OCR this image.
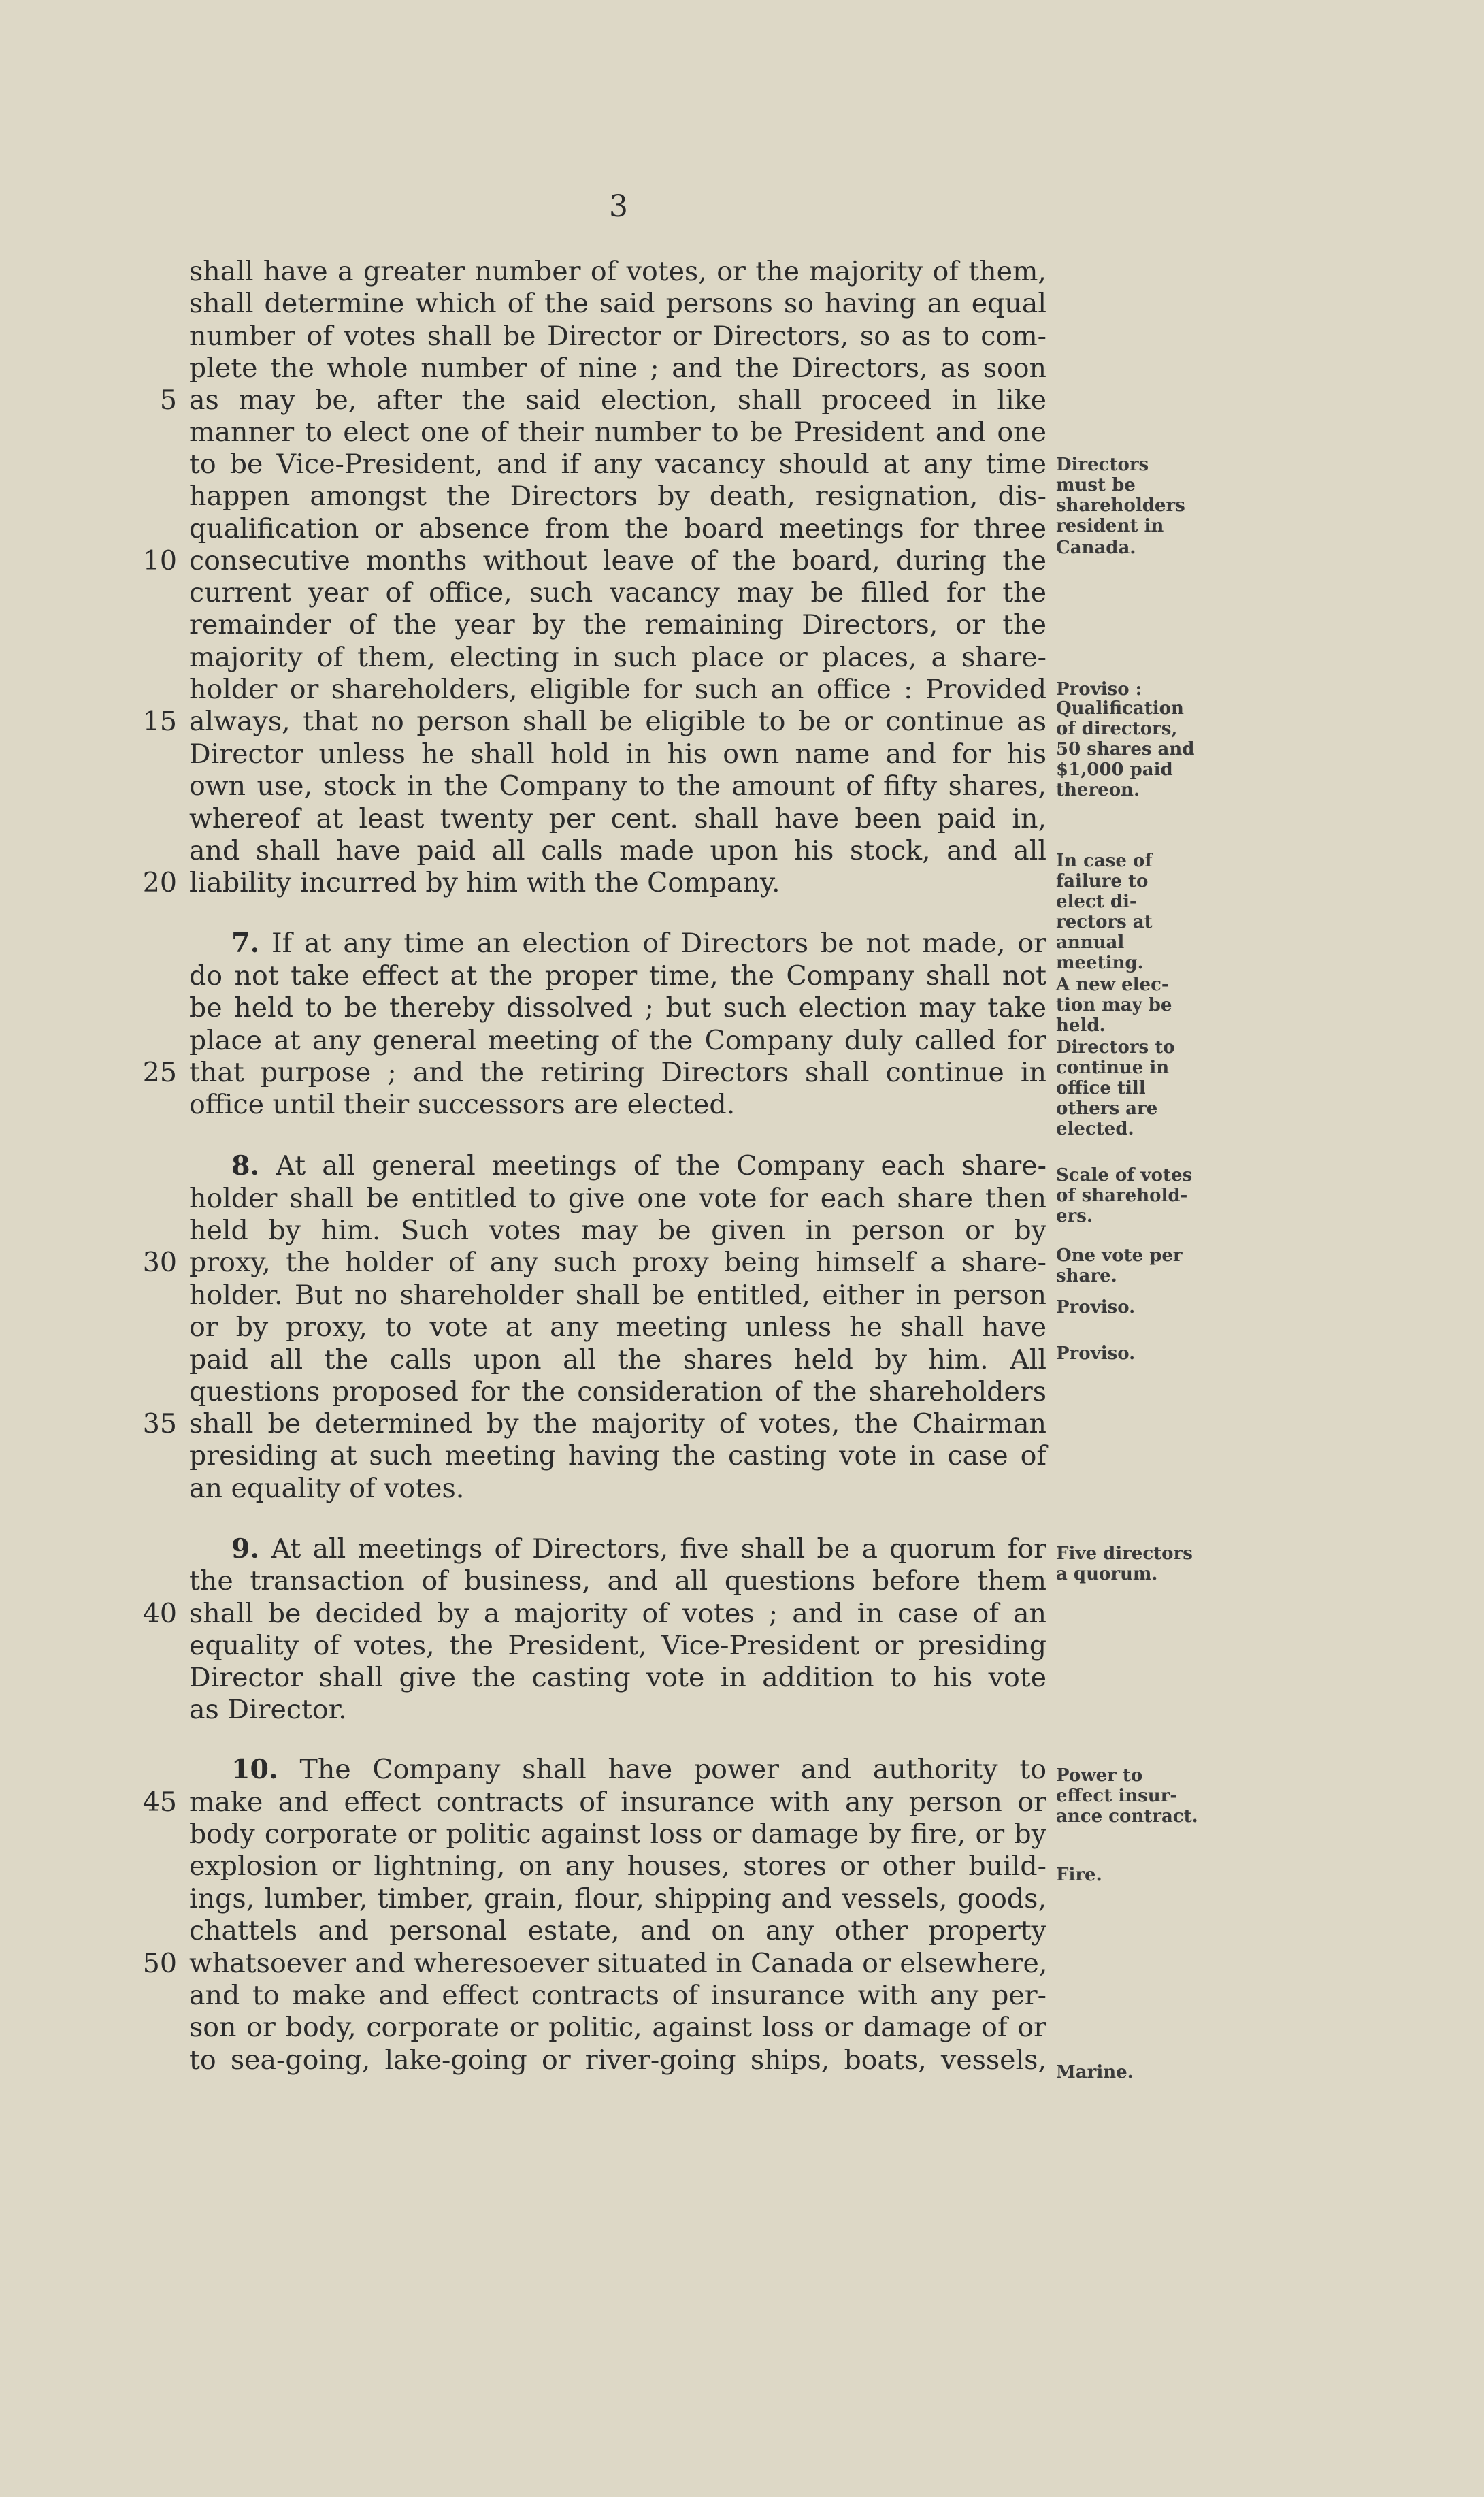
3
shall have a greater number of votes, or the majority of them,
shall determine which of the said persons so having an equal
number of votes shall be Director or Directors, so as to com-
plete the whole number of nine ; and the Directors, as soon
as may be, after the said election, shall proceed in like
5
manner to elect one of their number to be President and one
to be Vice-President, and if any vacancy should at any time
happen amongst the Directors by death, resignation, dis-
qualification or absence from the board meetings for three
consecutive months without leave of the board, during the
10
current year of office, such vacancy may be filled for the
remainder of the year by the remaining Directors, or the
majority of them, electing in such place or places, a share-
holder or shareholders, eligible for such an office : Provided
always, that no person shall be eligible to be or continue as
15
Director unless he shall hold in his own name and for his
own use, stock in the Company to the amount of fifty shares,
whereof at least twenty per cent. shall have been paid in,
and shall have paid all calls made upon his stock, and all
liability incurred by him with the Company.
20
7. If at any time an election of Directors be not made, or
do not take effect at the proper time, the Company shall not
be held to be thereby dissolved ; but such election may take
place at any general meeting of the Company duly called for
that purpose ; and the retiring Directors shall continue in
25
office until their successors are elected.
8. At all general meetings of the Company each share-
holder shall be entitled to give one vote for each share then
held by him. Such votes may be given in person or by
proxy, the holder of any such proxy being himself a share-
30
holder. But no shareholder shall be entitled, either in person
or by proxy, to vote at any meeting unless he shall have
paid all the calls upon all the shares held by him. All
questions proposed for the consideration of the shareholders
shall be determined by the majority of votes, the Chairman
35
presiding at such meeting having the casting vote in case of
an equality of votes.
9. At all meetings of Directors, five shall be a quorum for
the transaction of business, and all questions before them
shall be decided by a majority of votes ; and in case of an
40
equality of votes, the President, Vice-President or presiding
Director shall give the casting vote in addition to his vote
as Director.
10. The Company shall have power and authority to
make and effect contracts of insurance with any person or
45
body corporate or politic against loss or damage by fire, or by
explosion or lightning, on any houses, stores or other build-
ings, lumber, timber, grain, flour, shipping and vessels, goods,
chattels and personal estate, and on any other property
whatsoever and wheresoever situated in Canada or elsewhere,
50
and to make and effect contracts of insurance with any per-
son or body, corporate or politic, against loss or damage of or
to sea-going, lake-going or river-going ships, boats, vessels,
Directors
must be
shareholders
resident in
Canada.
Proviso :
Qualification
of directors,
50 shares and
$1,000 paid
thereon.
In case of
failure to
elect di-
rectors at
annual
meeting.
A new elec-
tion may be
held.
Directors to
continue in
office till
others are
elected.
Scale of votes
of sharehold-
ers.
One vote per
share.
Proviso.
Proviso.
Five directors
a quorum.
Power to
effect insur-
ance contract.
Fire.
Marine.
